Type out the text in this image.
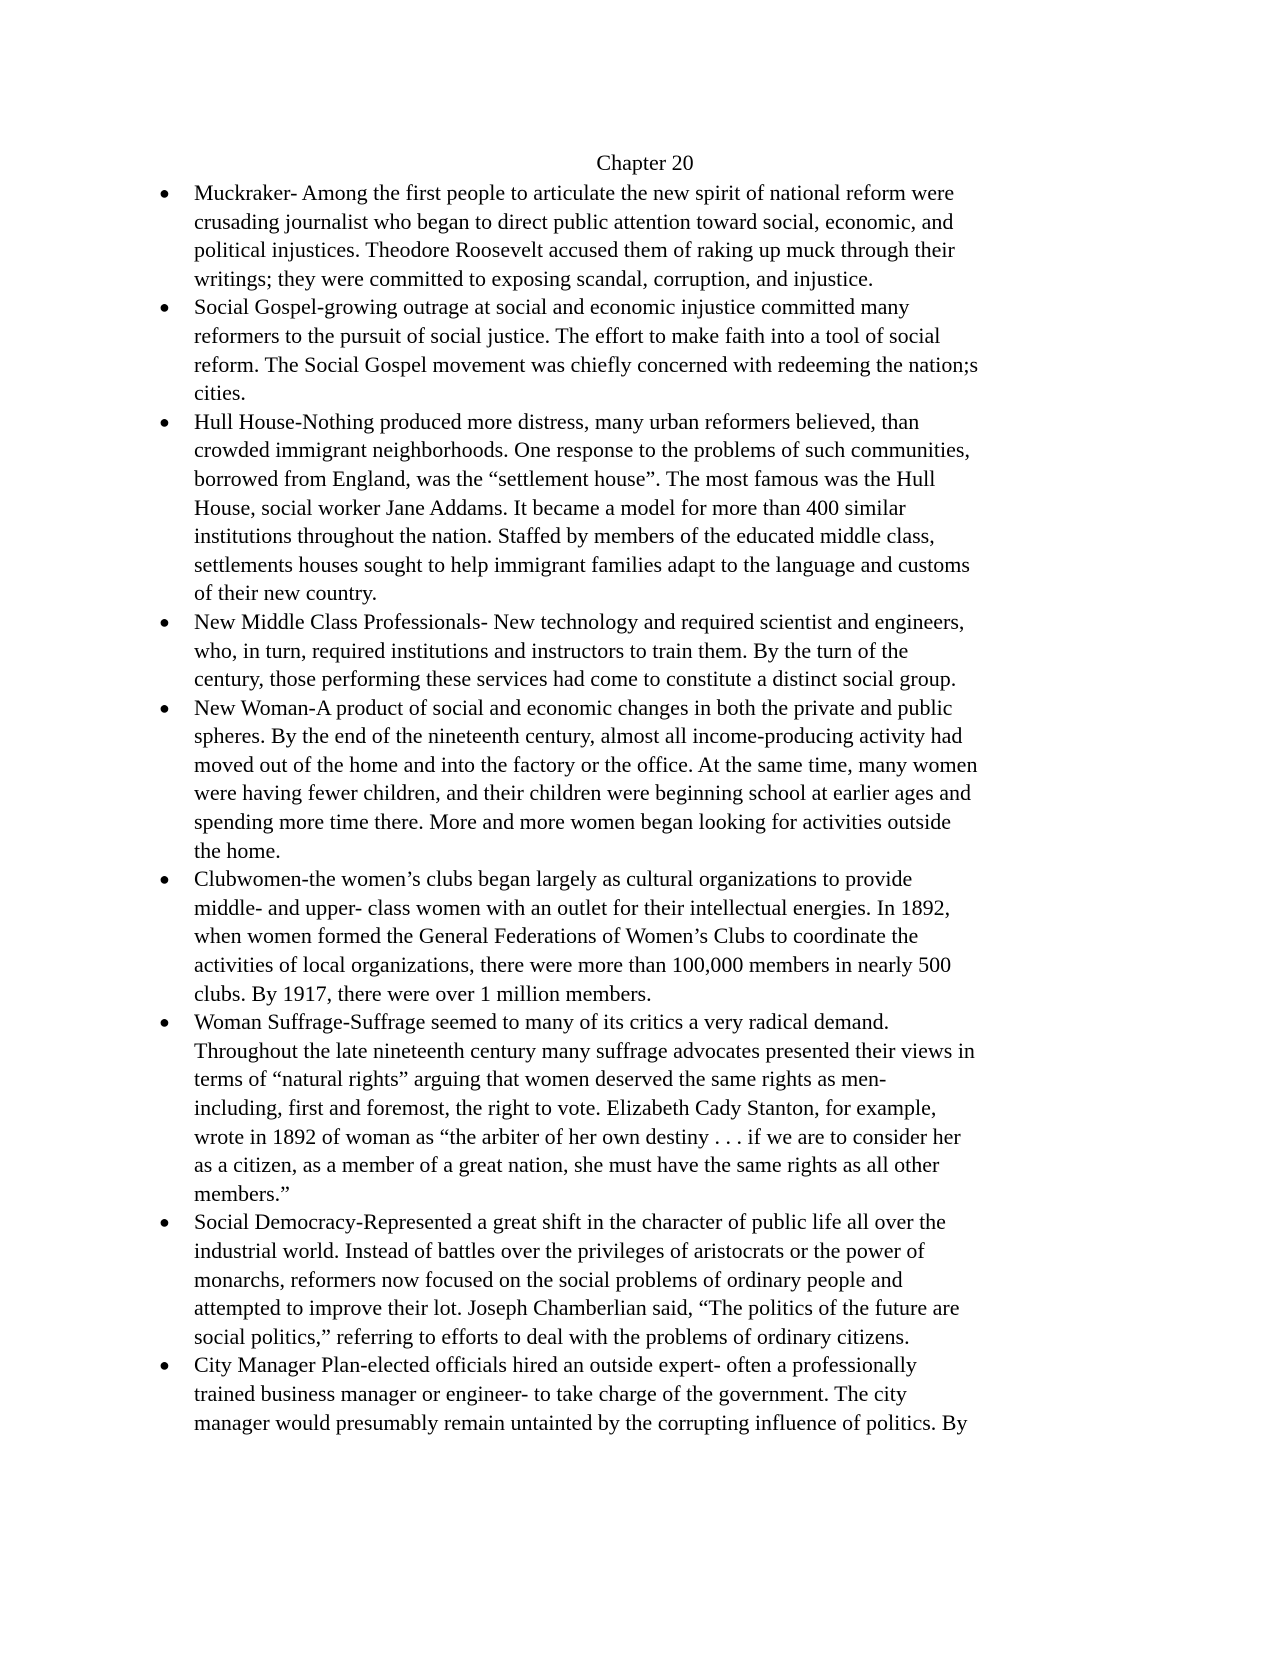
Chapter 20
● Muckraker- Among the first people to articulate the new spirit of national reform were
crusading journalist who began to direct public attention toward social, economic, and
political injustices. Theodore Roosevelt accused them of raking up muck through their
writings; they were committed to exposing scandal, corruption, and injustice.
● Social Gospel-growing outrage at social and economic injustice committed many
reformers to the pursuit of social justice. The effort to make faith into a tool of social
reform. The Social Gospel movement was chiefly concerned with redeeming the nation;s
cities.
● Hull House-Nothing produced more distress, many urban reformers believed, than
crowded immigrant neighborhoods. One response to the problems of such communities,
borrowed from England, was the “settlement house”. The most famous was the Hull
House, social worker Jane Addams. It became a model for more than 400 similar
institutions throughout the nation. Staffed by members of the educated middle class,
settlements houses sought to help immigrant families adapt to the language and customs
of their new country.
● New Middle Class Professionals- New technology and required scientist and engineers,
who, in turn, required institutions and instructors to train them. By the turn of the
century, those performing these services had come to constitute a distinct social group.
● New Woman-A product of social and economic changes in both the private and public
spheres. By the end of the nineteenth century, almost all income-producing activity had
moved out of the home and into the factory or the office. At the same time, many women
were having fewer children, and their children were beginning school at earlier ages and
spending more time there. More and more women began looking for activities outside
the home.
● Clubwomen-the women’s clubs began largely as cultural organizations to provide
middle- and upper- class women with an outlet for their intellectual energies. In 1892,
when women formed the General Federations of Women’s Clubs to coordinate the
activities of local organizations, there were more than 100,000 members in nearly 500
clubs. By 1917, there were over 1 million members.
● Woman Suffrage-Suffrage seemed to many of its critics a very radical demand.
Throughout the late nineteenth century many suffrage advocates presented their views in
terms of “natural rights” arguing that women deserved the same rights as men-
including, first and foremost, the right to vote. Elizabeth Cady Stanton, for example,
wrote in 1892 of woman as “the arbiter of her own destiny . . . if we are to consider her
as a citizen, as a member of a great nation, she must have the same rights as all other
members.”
● Social Democracy-Represented a great shift in the character of public life all over the
industrial world. Instead of battles over the privileges of aristocrats or the power of
monarchs, reformers now focused on the social problems of ordinary people and
attempted to improve their lot. Joseph Chamberlian said, “The politics of the future are
social politics,” referring to efforts to deal with the problems of ordinary citizens.
● City Manager Plan-elected officials hired an outside expert- often a professionally
trained business manager or engineer- to take charge of the government. The city
manager would presumably remain untainted by the corrupting influence of politics. By
